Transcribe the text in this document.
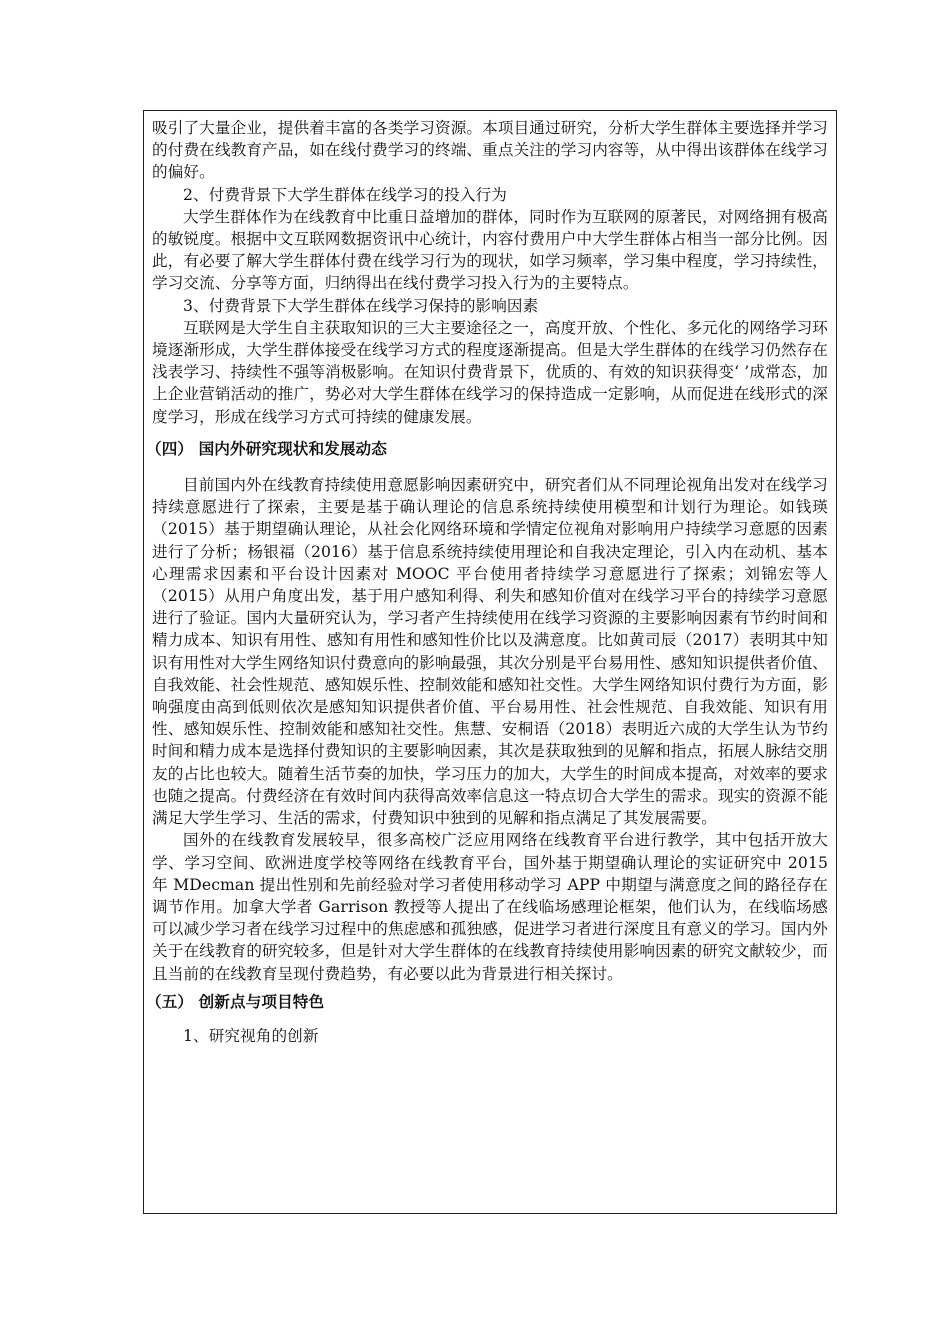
吸引了大量企业，提供着丰富的各类学习资源。本项目通过研究，分析大学生群体主要选择并学习的付费在线教育产品，如在线付费学习的终端、重点关注的学习内容等，从中得出该群体在线学习的偏好。

2、付费背景下大学生群体在线学习的投入行为

大学生群体作为在线教育中比重日益增加的群体，同时作为互联网的原著民，对网络拥有极高的敏锐度。根据中文互联网数据资讯中心统计，内容付费用户中大学生群体占相当一部分比例。因此，有必要了解大学生群体付费在线学习行为的现状，如学习频率，学习集中程度，学习持续性，学习交流、分享等方面，归纳得出在线付费学习投入行为的主要特点。

3、付费背景下大学生群体在线学习保持的影响因素

互联网是大学生自主获取知识的三大主要途径之一，高度开放、个性化、多元化的网络学习环境逐渐形成，大学生群体接受在线学习方式的程度逐渐提高。但是大学生群体的在线学习仍然存在浅表学习、持续性不强等消极影响。在知识付费背景下，优质的、有效的知识获得变‘ ’成常态，加上企业营销活动的推广，势必对大学生群体在线学习的保持造成一定影响，从而促进在线形式的深度学习，形成在线学习方式可持续的健康发展。

（四） 国内外研究现状和发展动态

目前国内外在线教育持续使用意愿影响因素研究中，研究者们从不同理论视角出发对在线学习持续意愿进行了探索，主要是基于确认理论的信息系统持续使用模型和计划行为理论。如钱瑛（2015）基于期望确认理论，从社会化网络环境和学情定位视角对影响用户持续学习意愿的因素进行了分析；杨银福（2016）基于信息系统持续使用理论和自我决定理论，引入内在动机、基本心理需求因素和平台设计因素对 MOOC 平台使用者持续学习意愿进行了探索；刘锦宏等人（2015）从用户角度出发，基于用户感知利得、利失和感知价值对在线学习平台的持续学习意愿进行了验证。国内大量研究认为，学习者产生持续使用在线学习资源的主要影响因素有节约时间和精力成本、知识有用性、感知有用性和感知性价比以及满意度。比如黄司辰（2017）表明其中知识有用性对大学生网络知识付费意向的影响最强，其次分别是平台易用性、感知知识提供者价值、自我效能、社会性规范、感知娱乐性、控制效能和感知社交性。大学生网络知识付费行为方面，影响强度由高到低则依次是感知知识提供者价值、平台易用性、社会性规范、自我效能、知识有用性、感知娱乐性、控制效能和感知社交性。焦慧、安桐语（2018）表明近六成的大学生认为节约时间和精力成本是选择付费知识的主要影响因素，其次是获取独到的见解和指点，拓展人脉结交朋友的占比也较大。随着生活节奏的加快，学习压力的加大，大学生的时间成本提高，对效率的要求也随之提高。付费经济在有效时间内获得高效率信息这一特点切合大学生的需求。现实的资源不能满足大学生学习、生活的需求，付费知识中独到的见解和指点满足了其发展需要。

国外的在线教育发展较早，很多高校广泛应用网络在线教育平台进行教学，其中包括开放大学、学习空间、欧洲进度学校等网络在线教育平台，国外基于期望确认理论的实证研究中 2015 年 MDecman 提出性别和先前经验对学习者使用移动学习 APP 中期望与满意度之间的路径存在调节作用。加拿大学者 Garrison 教授等人提出了在线临场感理论框架，他们认为，在线临场感可以减少学习者在线学习过程中的焦虑感和孤独感，促进学习者进行深度且有意义的学习。国内外关于在线教育的研究较多，但是针对大学生群体的在线教育持续使用影响因素的研究文献较少，而且当前的在线教育呈现付费趋势，有必要以此为背景进行相关探讨。

（五） 创新点与项目特色

1、研究视角的创新
